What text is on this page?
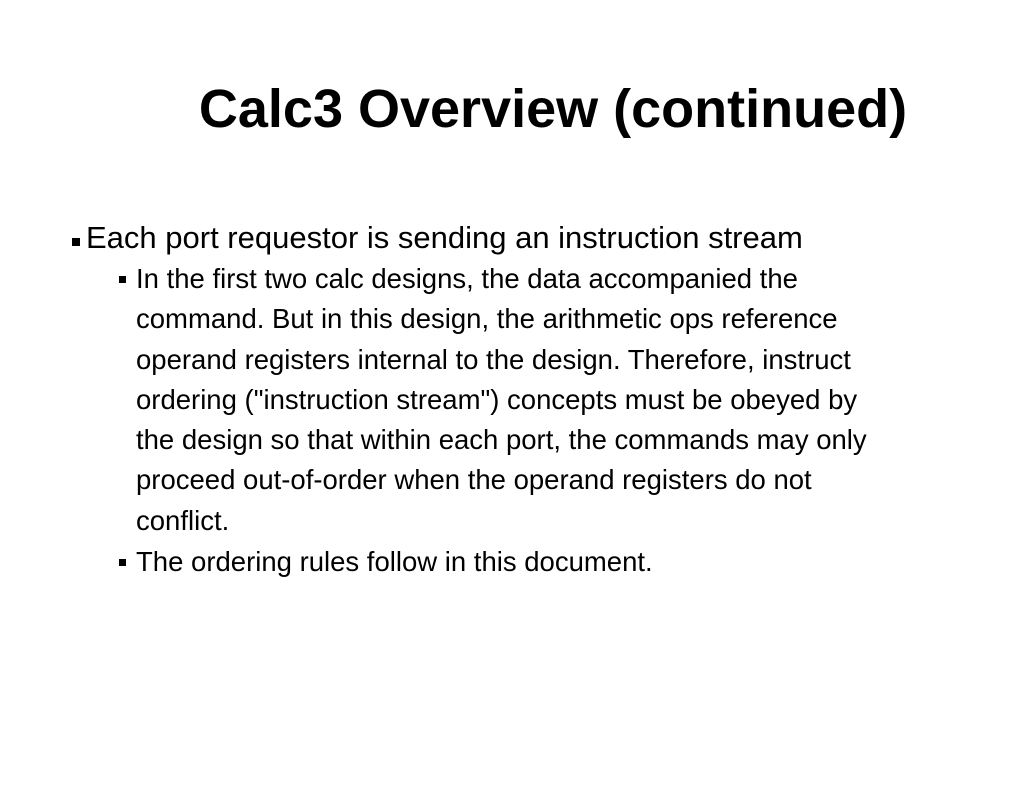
Calc3 Overview (continued)
Each port requestor is sending an instruction stream
In the first two calc designs, the data accompanied the
command. But in this design, the arithmetic ops reference
operand registers internal to the design. Therefore, instruct
ordering ("instruction stream") concepts must be obeyed by
the design so that within each port, the commands may only
proceed out-of-order when the operand registers do not
conflict.
The ordering rules follow in this document.
